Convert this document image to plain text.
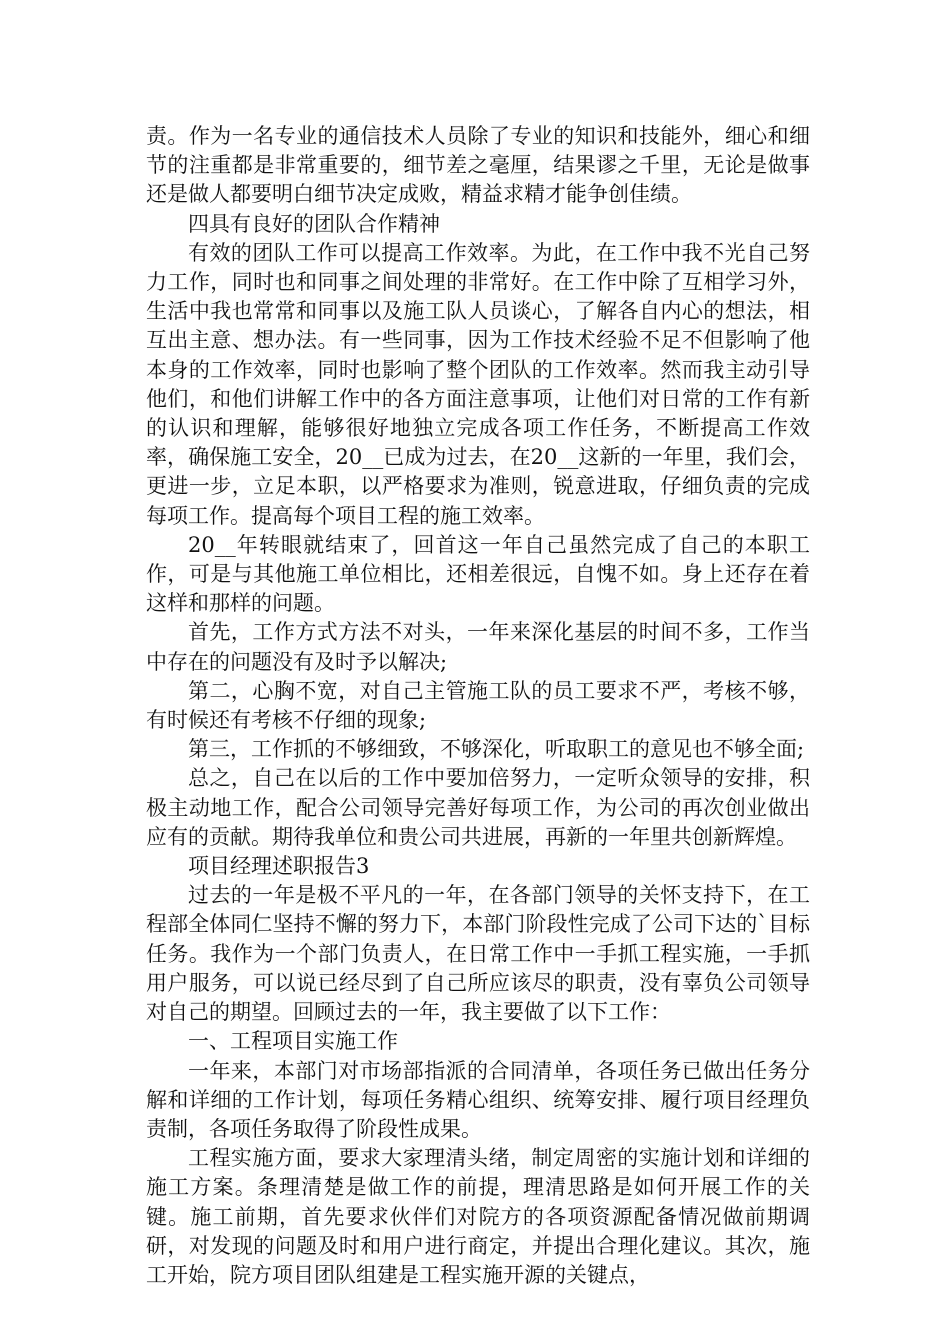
责。作为一名专业的通信技术人员除了专业的知识和技能外，细心和细节的注重都是非常重要的，细节差之毫厘，结果谬之千里，无论是做事还是做人都要明白细节决定成败，精益求精才能争创佳绩。

四具有良好的团队合作精神

有效的团队工作可以提高工作效率。为此，在工作中我不光自己努力工作，同时也和同事之间处理的非常好。在工作中除了互相学习外，生活中我也常常和同事以及施工队人员谈心，了解各自内心的想法，相互出主意、想办法。有一些同事，因为工作技术经验不足不但影响了他本身的工作效率，同时也影响了整个团队的工作效率。然而我主动引导他们，和他们讲解工作中的各方面注意事项，让他们对日常的工作有新的认识和理解，能够很好地独立完成各项工作任务，不断提高工作效率，确保施工安全，20__已成为过去，在20__这新的一年里，我们会，更进一步，立足本职，以严格要求为准则，锐意进取，仔细负责的完成每项工作。提高每个项目工程的施工效率。

20__年转眼就结束了，回首这一年自己虽然完成了自己的本职工作，可是与其他施工单位相比，还相差很远，自愧不如。身上还存在着这样和那样的问题。

首先，工作方式方法不对头，一年来深化基层的时间不多，工作当中存在的问题没有及时予以解决;

第二，心胸不宽，对自己主管施工队的员工要求不严，考核不够，有时候还有考核不仔细的现象;

第三，工作抓的不够细致，不够深化，听取职工的意见也不够全面;

总之，自己在以后的工作中要加倍努力，一定听众领导的安排，积极主动地工作，配合公司领导完善好每项工作，为公司的再次创业做出应有的贡献。期待我单位和贵公司共进展，再新的一年里共创新辉煌。

项目经理述职报告3

过去的一年是极不平凡的一年，在各部门领导的关怀支持下，在工程部全体同仁坚持不懈的努力下，本部门阶段性完成了公司下达的`目标任务。我作为一个部门负责人，在日常工作中一手抓工程实施，一手抓用户服务，可以说已经尽到了自己所应该尽的职责，没有辜负公司领导对自己的期望。回顾过去的一年，我主要做了以下工作：

一、工程项目实施工作

一年来，本部门对市场部指派的合同清单，各项任务已做出任务分解和详细的工作计划，每项任务精心组织、统筹安排、履行项目经理负责制，各项任务取得了阶段性成果。

工程实施方面，要求大家理清头绪，制定周密的实施计划和详细的施工方案。条理清楚是做工作的前提，理清思路是如何开展工作的关键。施工前期，首先要求伙伴们对院方的各项资源配备情况做前期调研，对发现的问题及时和用户进行商定，并提出合理化建议。其次，施工开始，院方项目团队组建是工程实施开源的关键点，
